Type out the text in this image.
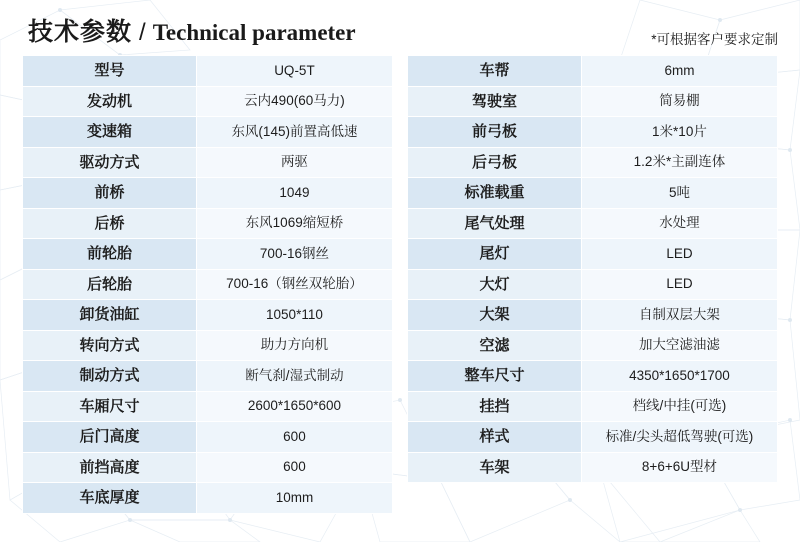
技术参数 / Technical parameter	*可根据客户要求定制
型号	UQ-5T
发动机	云内490(60马力)
变速箱	东风(145)前置高低速
驱动方式	两驱
前桥	1049
后桥	东风1069缩短桥
前轮胎	700-16钢丝
后轮胎	700-16（钢丝双轮胎）
卸货油缸	1050*110
转向方式	助力方向机
制动方式	断气刹/湿式制动
车厢尺寸	2600*1650*600
后门高度	600
前挡高度	600
车底厚度	10mm
车帮	6mm
驾驶室	简易棚
前弓板	1米*10片
后弓板	1.2米*主副连体
标准载重	5吨
尾气处理	水处理
尾灯	LED
大灯	LED
大架	自制双层大架
空滤	加大空滤油滤
整车尺寸	4350*1650*1700
挂挡	档线/中挂(可选)
样式	标准/尖头超低驾驶(可选)
车架	8+6+6U型材
